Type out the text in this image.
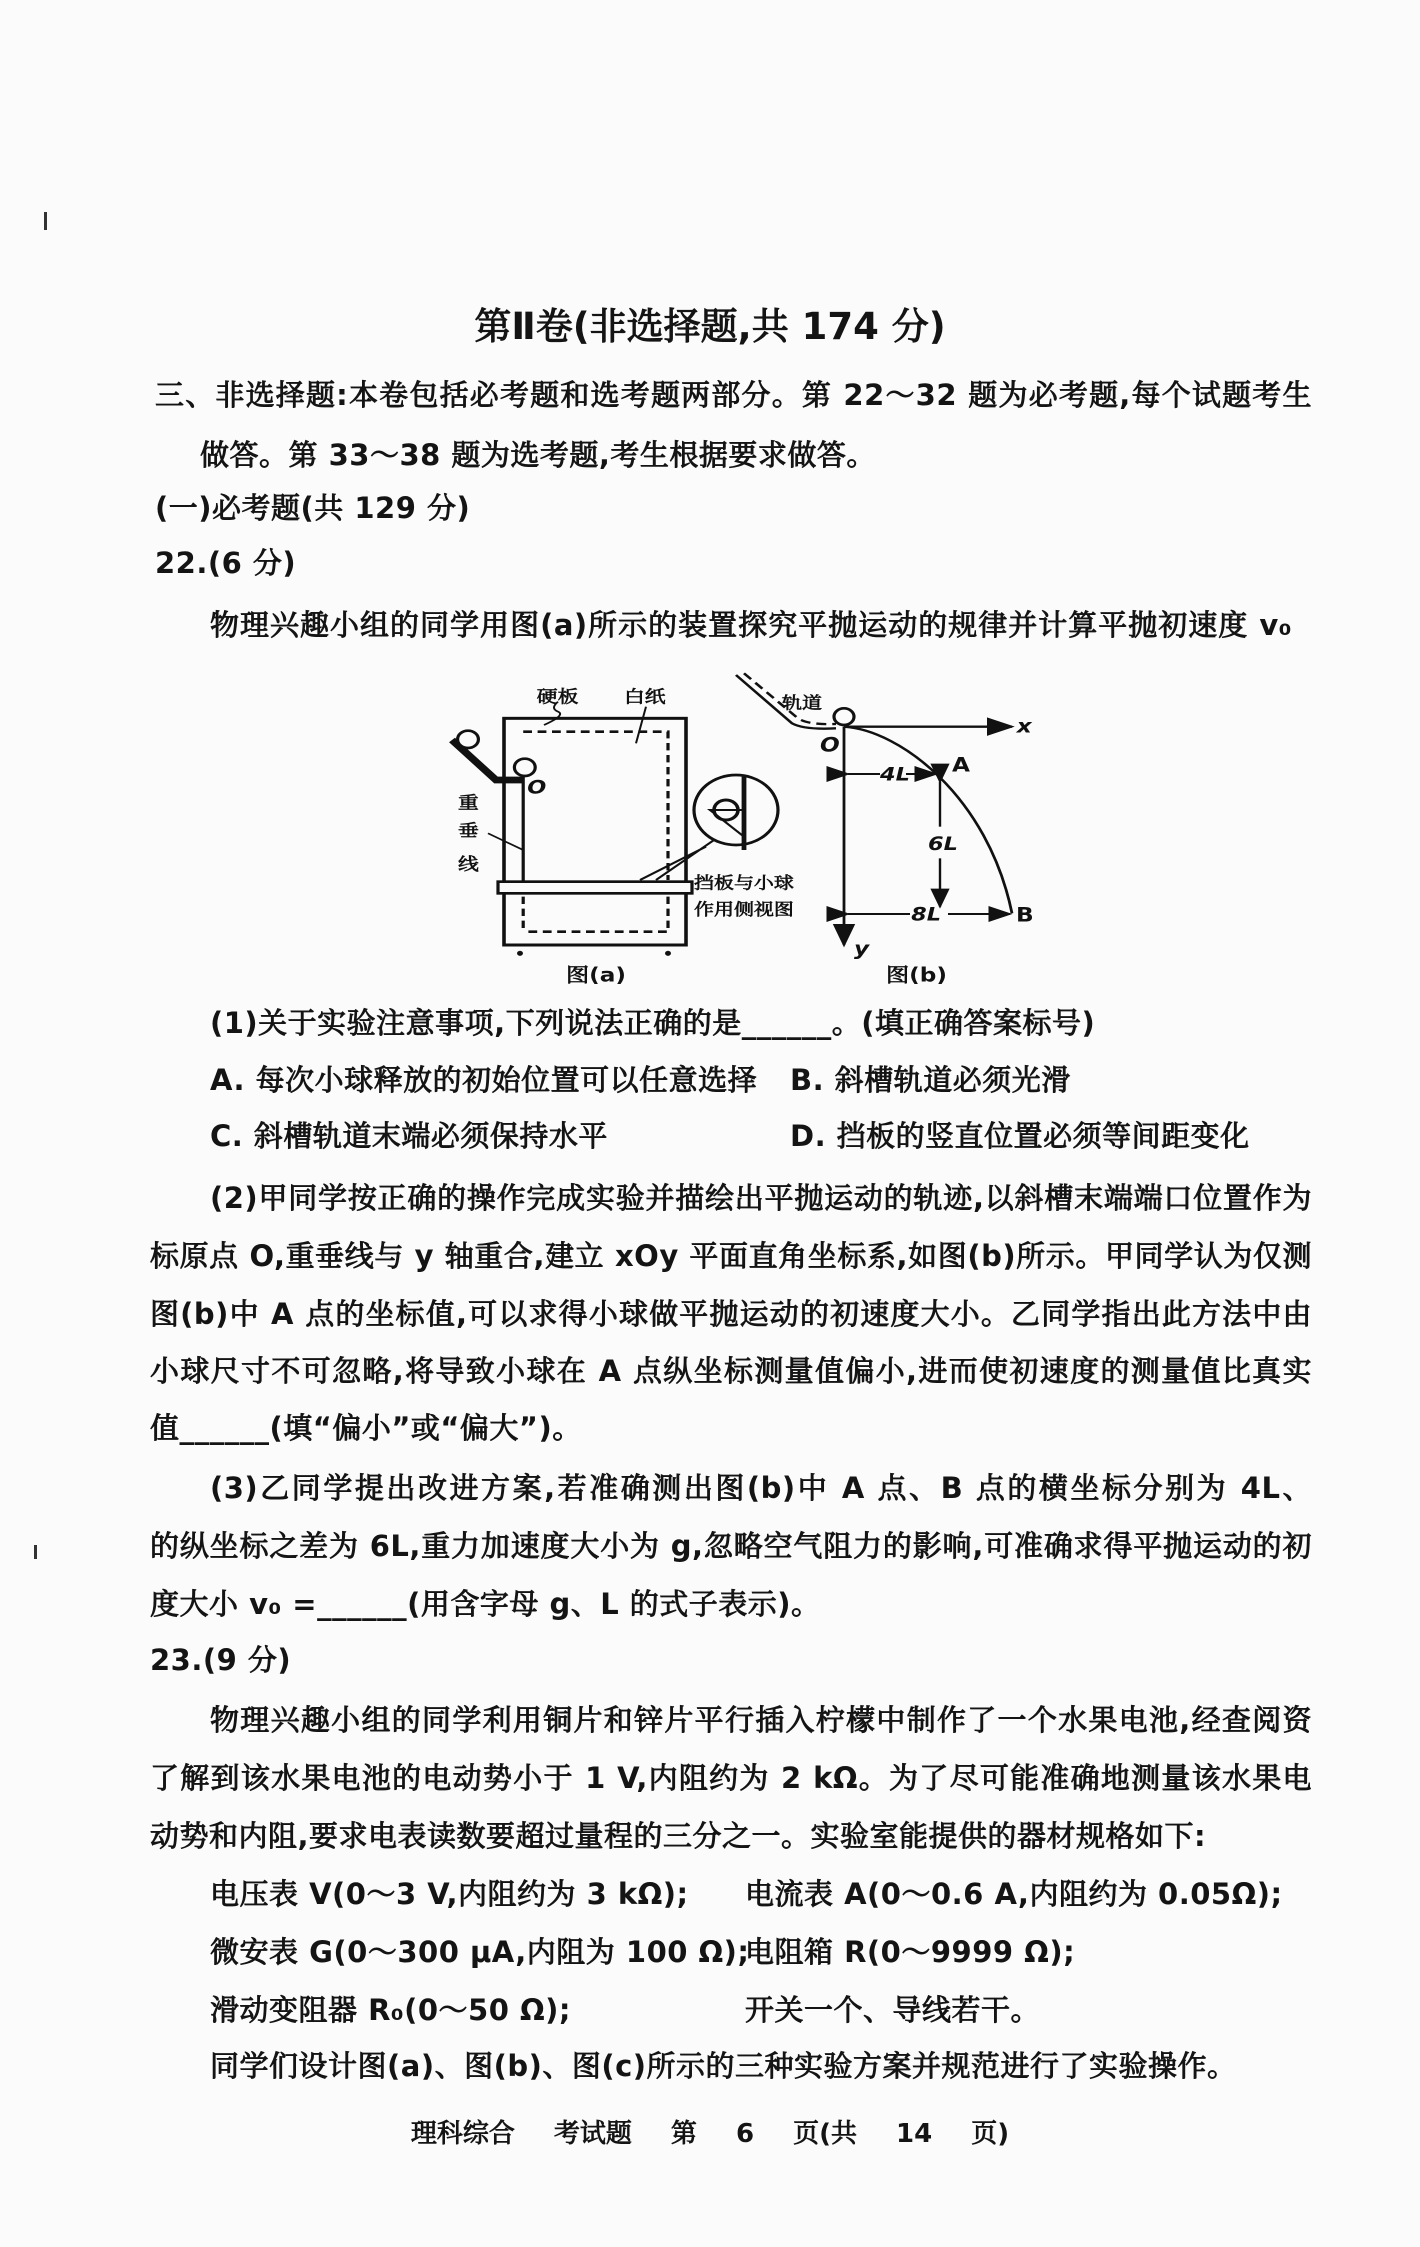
第Ⅱ卷(非选择题,共 174 分)
三、非选择题:本卷包括必考题和选考题两部分。第 22～32 题为必考题,每个试题考生
做答。第 33～38 题为选考题,考生根据要求做答。
(一)必考题(共 129 分)
22.(6 分)
物理兴趣小组的同学用图(a)所示的装置探究平抛运动的规律并计算平抛初速度 v₀
硬板 白纸
重
垂
线
O
挡板与小球
作用侧视图
图(a)
轨道
O
x
y
A
B
4L
6L
8L
图(b)
(1)关于实验注意事项,下列说法正确的是______。(填正确答案标号)
A. 每次小球释放的初始位置可以任意选择 B. 斜槽轨道必须光滑
C. 斜槽轨道末端必须保持水平	D. 挡板的竖直位置必须等间距变化
(2)甲同学按正确的操作完成实验并描绘出平抛运动的轨迹,以斜槽末端端口位置作为
标原点 O,重垂线与 y 轴重合,建立 xOy 平面直角坐标系,如图(b)所示。甲同学认为仅测
图(b)中 A 点的坐标值,可以求得小球做平抛运动的初速度大小。乙同学指出此方法中由
小球尺寸不可忽略,将导致小球在 A 点纵坐标测量值偏小,进而使初速度的测量值比真实
值______(填“偏小”或“偏大”)。
(3)乙同学提出改进方案,若准确测出图(b)中 A 点、B 点的横坐标分别为 4L、
的纵坐标之差为 6L,重力加速度大小为 g,忽略空气阻力的影响,可准确求得平抛运动的初
度大小 v₀ =______(用含字母 g、L 的式子表示)。
23.(9 分)
物理兴趣小组的同学利用铜片和锌片平行插入柠檬中制作了一个水果电池,经查阅资
了解到该水果电池的电动势小于 1 V,内阻约为 2 kΩ。为了尽可能准确地测量该水果电
动势和内阻,要求电表读数要超过量程的三分之一。实验室能提供的器材规格如下:
电压表 V(0～3 V,内阻约为 3 kΩ); 电流表 A(0～0.6 A,内阻约为 0.05Ω);
微安表 G(0～300 μA,内阻为 100 Ω);
电阻箱 R(0～9999 Ω);
滑动变阻器 R₀(0～50 Ω);	开关一个、导线若干。
同学们设计图(a)、图(b)、图(c)所示的三种实验方案并规范进行了实验操作。
理科综合 考试题 第 6 页(共 14 页)
